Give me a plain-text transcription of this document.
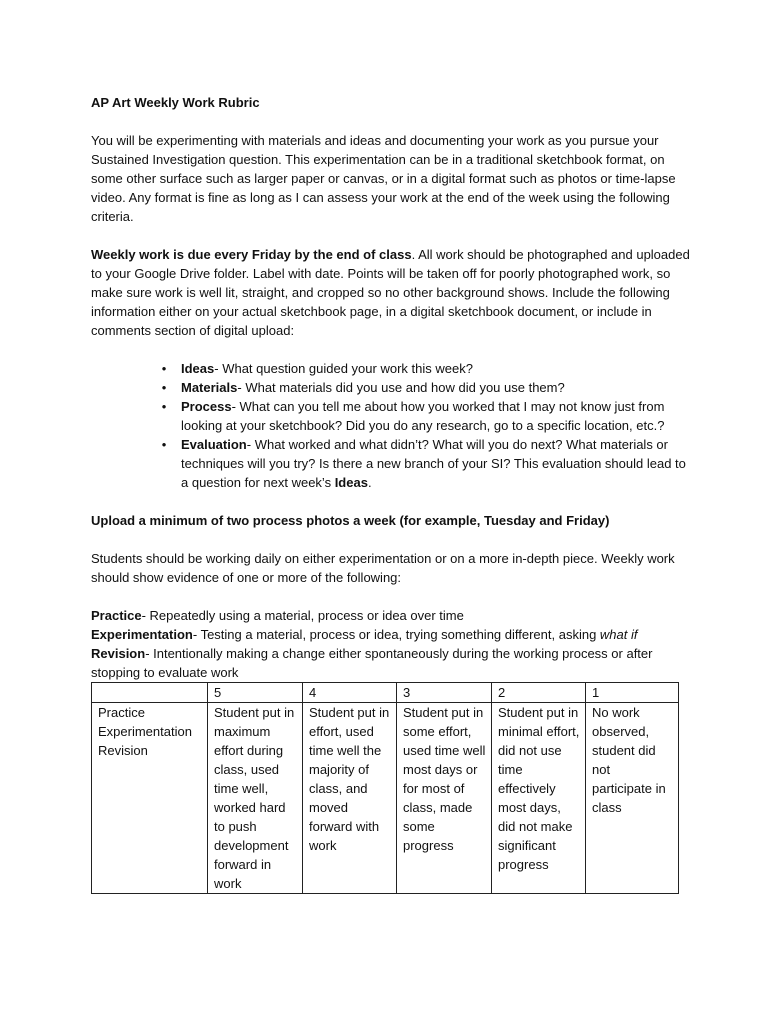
AP Art Weekly Work Rubric

You will be experimenting with materials and ideas and documenting your work as you pursue your Sustained Investigation question. This experimentation can be in a traditional sketchbook format, on some other surface such as larger paper or canvas, or in a digital format such as photos or time-lapse video. Any format is fine as long as I can assess your work at the end of the week using the following criteria.

Weekly work is due every Friday by the end of class. All work should be photographed and uploaded to your Google Drive folder. Label with date. Points will be taken off for poorly photographed work, so make sure work is well lit, straight, and cropped so no other background shows. Include the following information either on your actual sketchbook page, in a digital sketchbook document, or include in comments section of digital upload:

•	Ideas- What question guided your work this week?
•	Materials- What materials did you use and how did you use them?
•	Process- What can you tell me about how you worked that I may not know just from looking at your sketchbook? Did you do any research, go to a specific location, etc.?
•	Evaluation- What worked and what didn’t? What will you do next? What materials or techniques will you try? Is there a new branch of your SI? This evaluation should lead to a question for next week’s Ideas.

Upload a minimum of two process photos a week (for example, Tuesday and Friday)

Students should be working daily on either experimentation or on a more in-depth piece. Weekly work should show evidence of one or more of the following:

Practice- Repeatedly using a material, process or idea over time
Experimentation- Testing a material, process or idea, trying something different, asking what if
Revision- Intentionally making a change either spontaneously during the working process or after stopping to evaluate work
	5	4	3	2	1

Practice
Experimentation
Revision	Student put in maximum effort during class, used time well, worked hard to push development forward in work	Student put in effort, used time well the majority of class, and moved forward with work	Student put in some effort, used time well most days or for most of class, made some progress	Student put in minimal effort, did not use time effectively most days, did not make significant progress	No work observed, student did not participate in class
